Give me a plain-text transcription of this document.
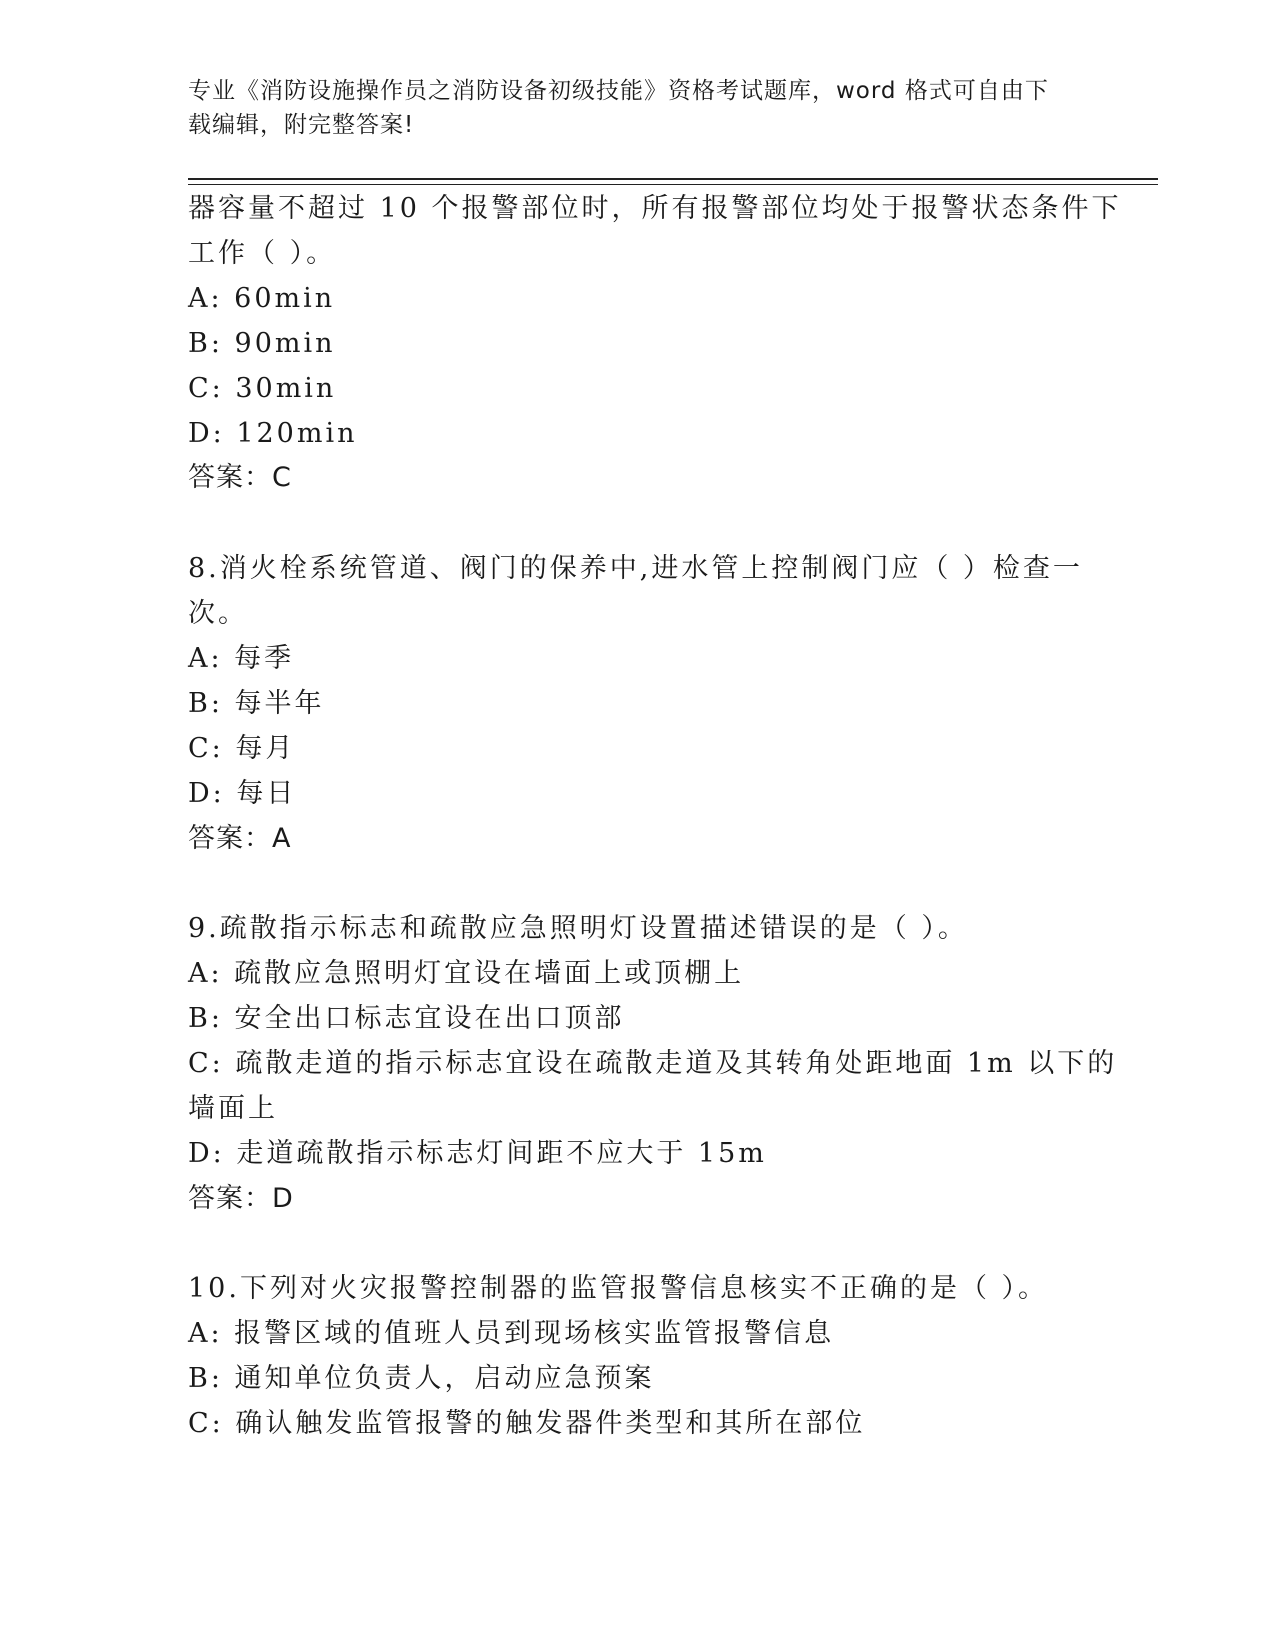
专业《消防设施操作员之消防设备初级技能》资格考试题库，word 格式可自由下
载编辑，附完整答案!
器容量不超过 10 个报警部位时，所有报警部位均处于报警状态条件下
工作（ ）。
A: 60min
B: 90min
C: 30min
D: 120min
答案：C
8.消火栓系统管道、阀门的保养中,进水管上控制阀门应（ ）检查一
次。
A: 每季
B: 每半年
C: 每月
D: 每日
答案：A
9.疏散指示标志和疏散应急照明灯设置描述错误的是（ ）。
A: 疏散应急照明灯宜设在墙面上或顶棚上
B: 安全出口标志宜设在出口顶部
C: 疏散走道的指示标志宜设在疏散走道及其转角处距地面 1m 以下的
墙面上
D: 走道疏散指示标志灯间距不应大于 15m
答案：D
10.下列对火灾报警控制器的监管报警信息核实不正确的是（ ）。
A: 报警区域的值班人员到现场核实监管报警信息
B: 通知单位负责人，启动应急预案
C: 确认触发监管报警的触发器件类型和其所在部位
